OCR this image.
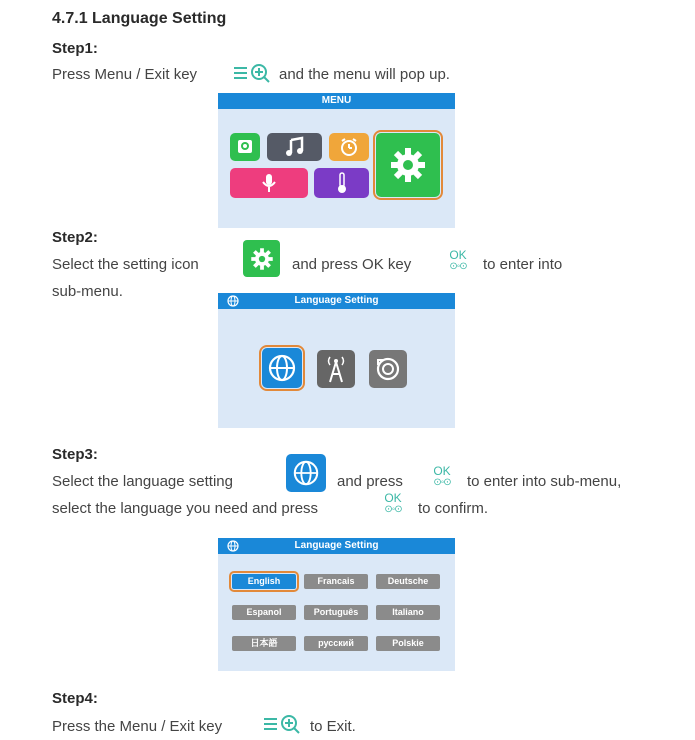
4.7.1 Language Setting
Step1:
Press Menu / Exit key	and the menu will pop up.
MENU
Step2:
Select the setting icon	and press OK key
OK
⊙◦⊙	to enter into
sub-menu.
Language Setting
Step3:
Select the language setting	and press
OK
⊙◦⊙	to enter into sub-menu,
select the language you need and press
OK
⊙◦⊙	to confirm.
Language Setting
English	Francais	Deutsche
Espanol	Português	Italiano
日本語	русский	Polskie
Step4:
Press the Menu / Exit key	to Exit.
